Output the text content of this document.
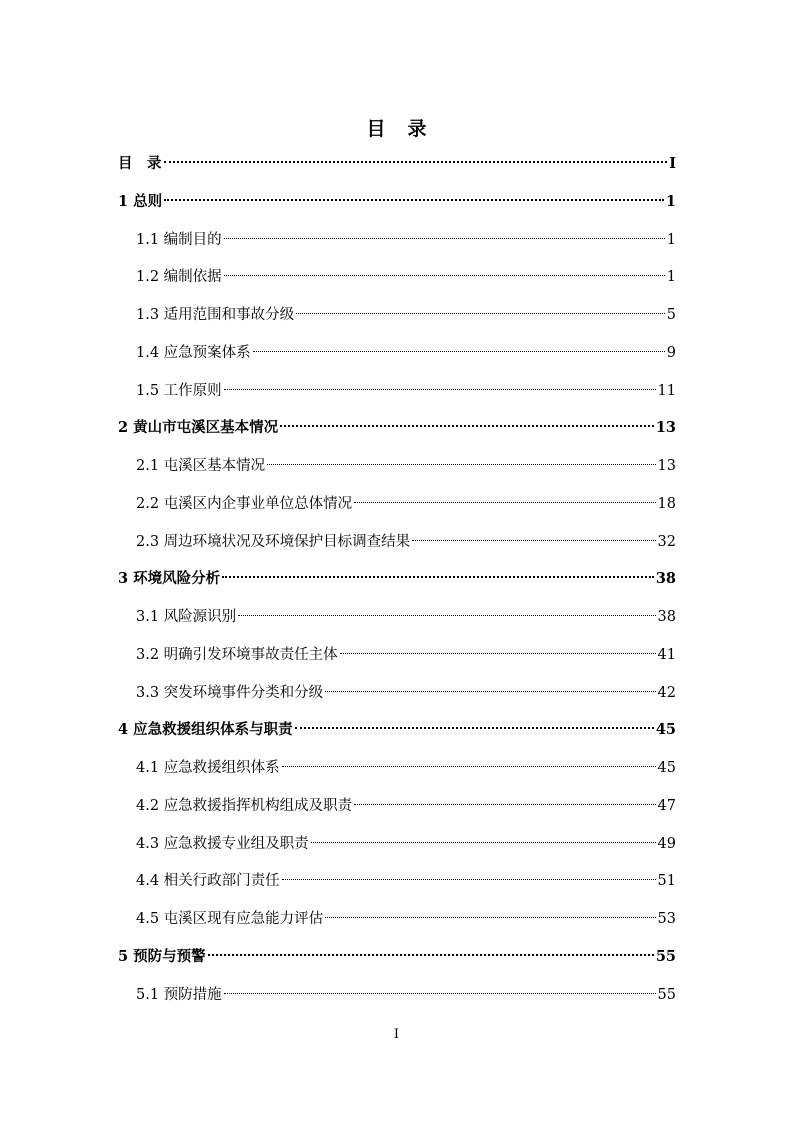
目 录
目　录	I
1 总则	1
1.1 编制目的	1
1.2 编制依据	1
1.3 适用范围和事故分级	5
1.4 应急预案体系	9
1.5 工作原则	11
2 黄山市屯溪区基本情况	13
2.1 屯溪区基本情况	13
2.2 屯溪区内企事业单位总体情况	18
2.3 周边环境状况及环境保护目标调查结果	32
3 环境风险分析	38
3.1 风险源识别	38
3.2 明确引发环境事故责任主体	41
3.3 突发环境事件分类和分级	42
4 应急救援组织体系与职责	45
4.1 应急救援组织体系	45
4.2 应急救援指挥机构组成及职责	47
4.3 应急救援专业组及职责	49
4.4 相关行政部门责任	51
4.5 屯溪区现有应急能力评估	53
5 预防与预警	55
5.1 预防措施	55
I
